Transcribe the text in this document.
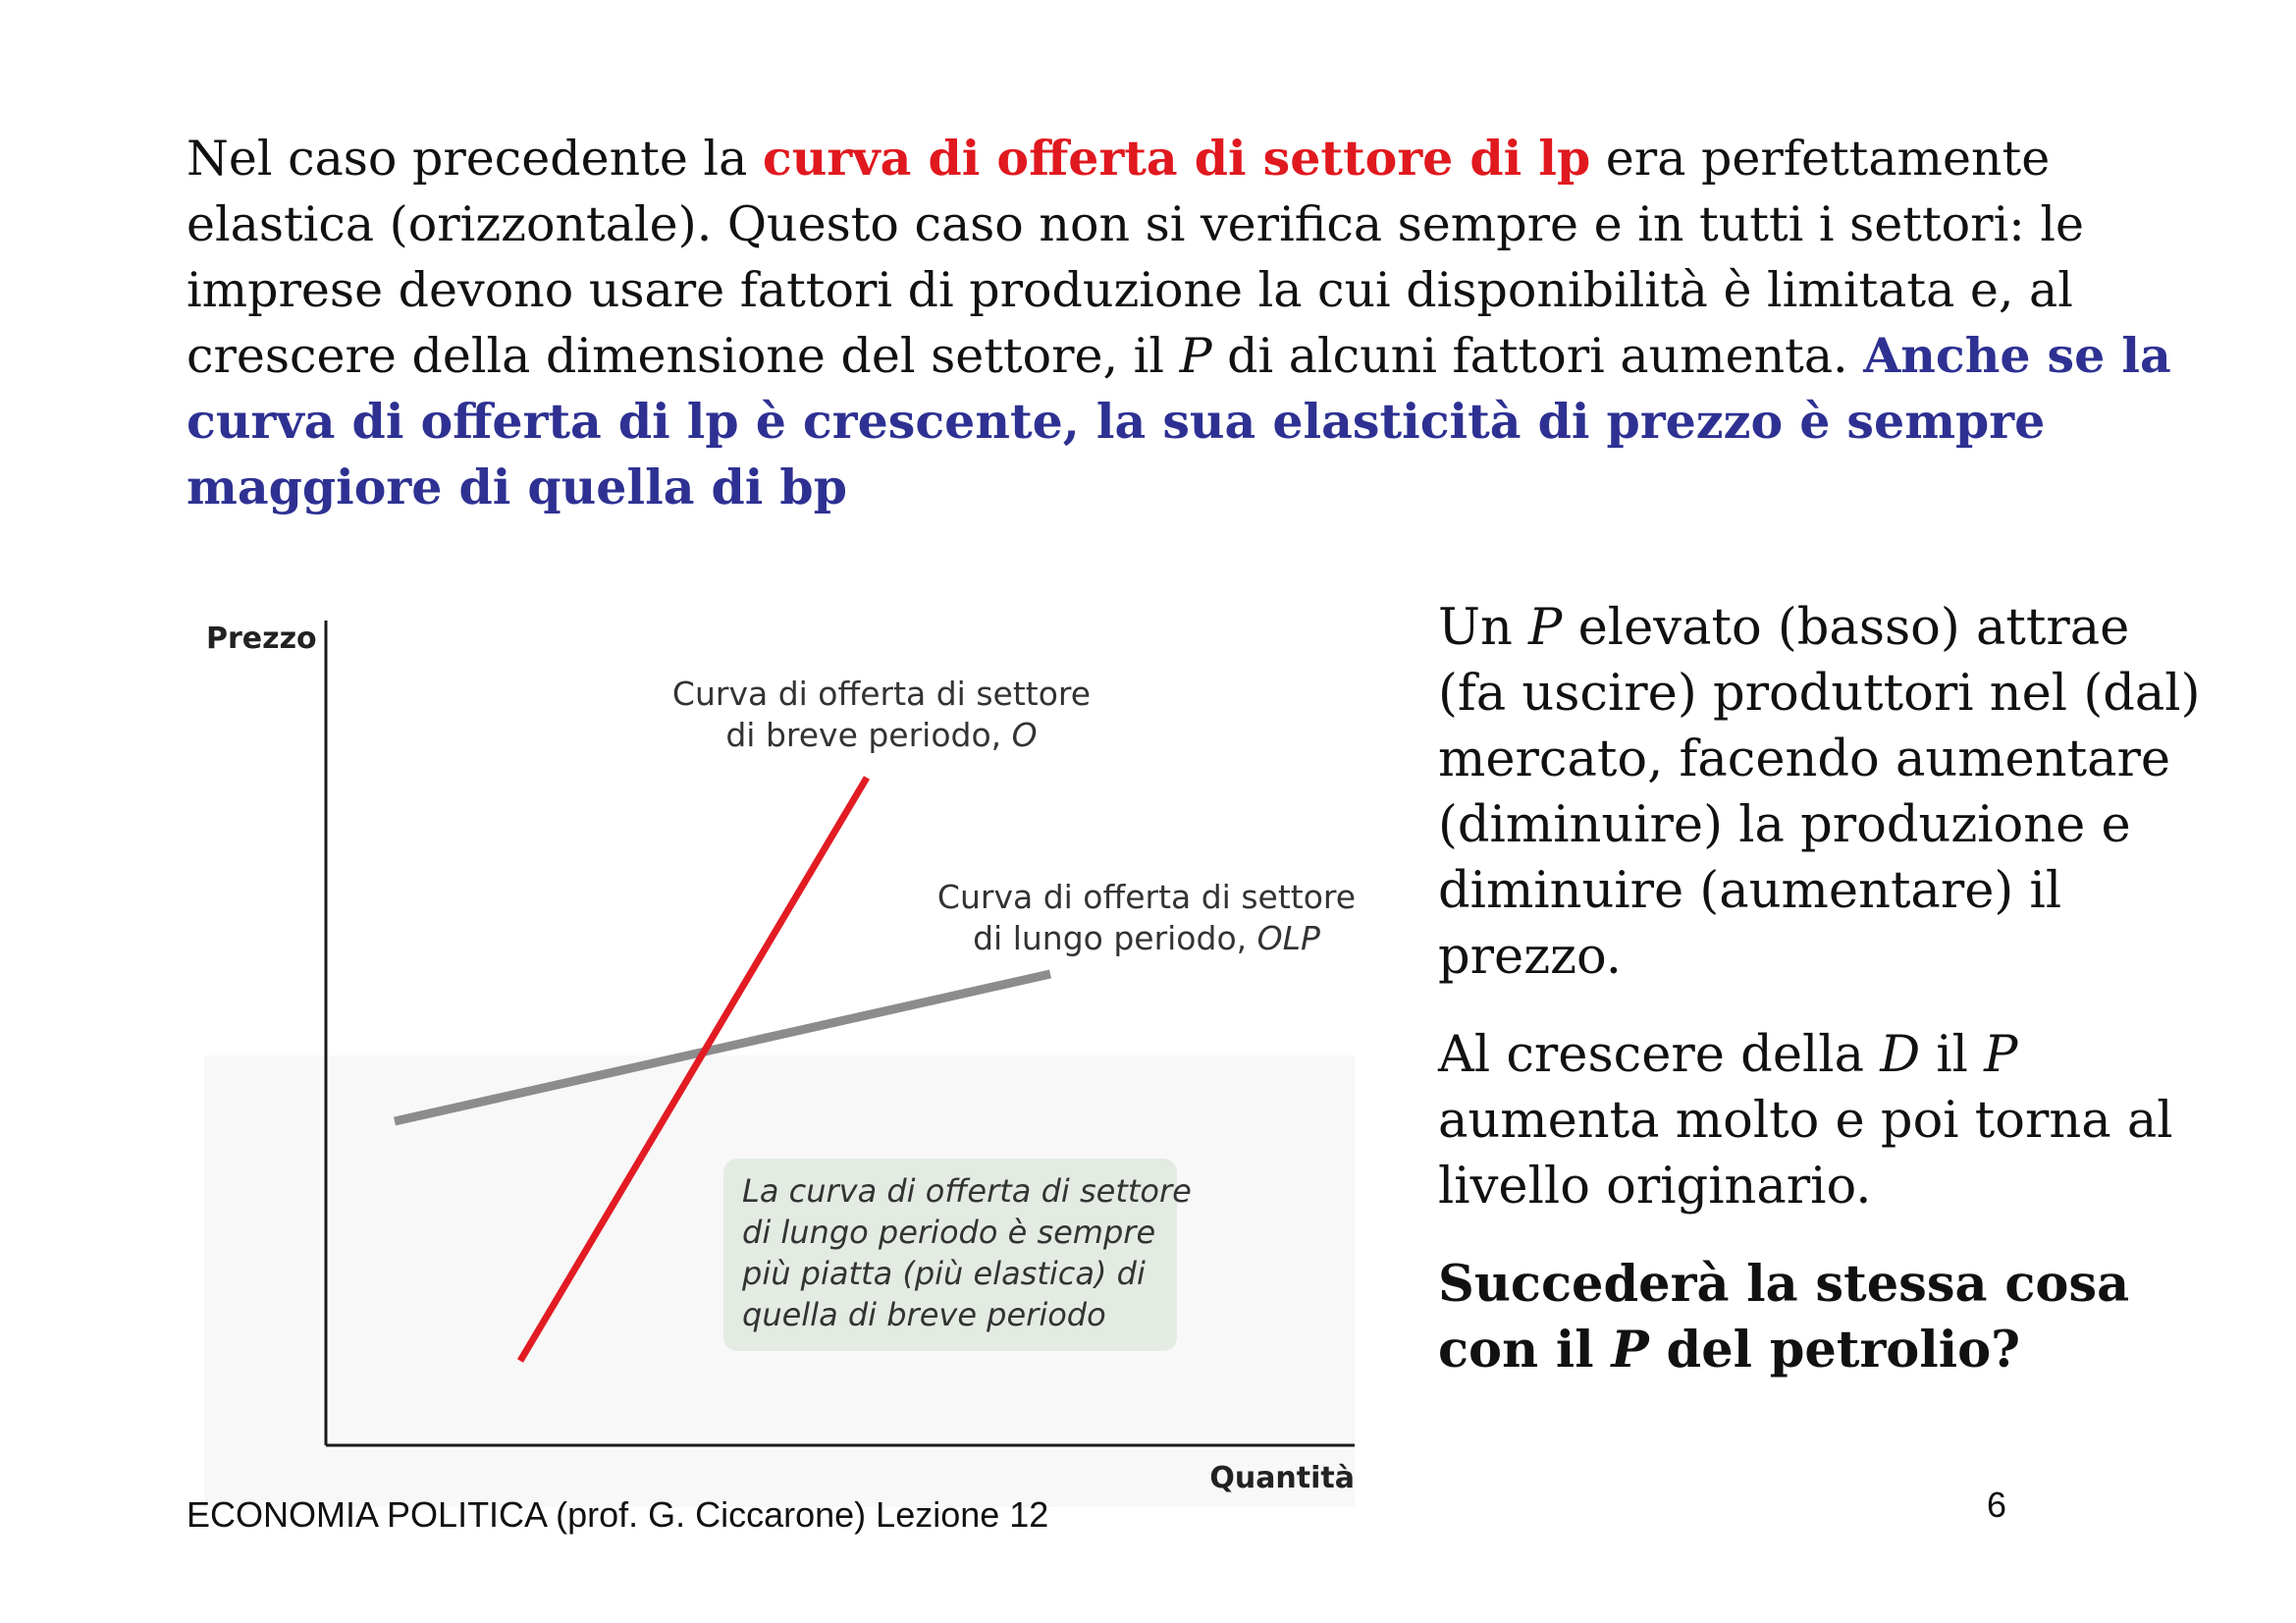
Nel caso precedente la curva di offerta di settore di lp era perfettamente elastica (orizzontale). Questo caso non si verifica sempre e in tutti i settori: le imprese devono usare fattori di produzione la cui disponibilità è limitata e, al crescere della dimensione del settore, il P di alcuni fattori aumenta. Anche se la curva di offerta di lp è crescente, la sua elasticità di prezzo è sempre maggiore di quella di bp
Prezzo
Quantità
Curva di offerta di settore
di breve periodo, O
Curva di offerta di settore
di lungo periodo, OLP
La curva di offerta di settore di lungo periodo è sempre più piatta (più elastica) di quella di breve periodo

Un P elevato (basso) attrae (fa uscire) produttori nel (dal) mercato, facendo aumentare (diminuire) la produzione e diminuire (aumentare) il prezzo.

Al crescere della D il P aumenta molto e poi torna al livello originario.

Succederà la stessa cosa con il P del petrolio?

ECONOMIA POLITICA (prof. G. Ciccarone) Lezione 12	6
